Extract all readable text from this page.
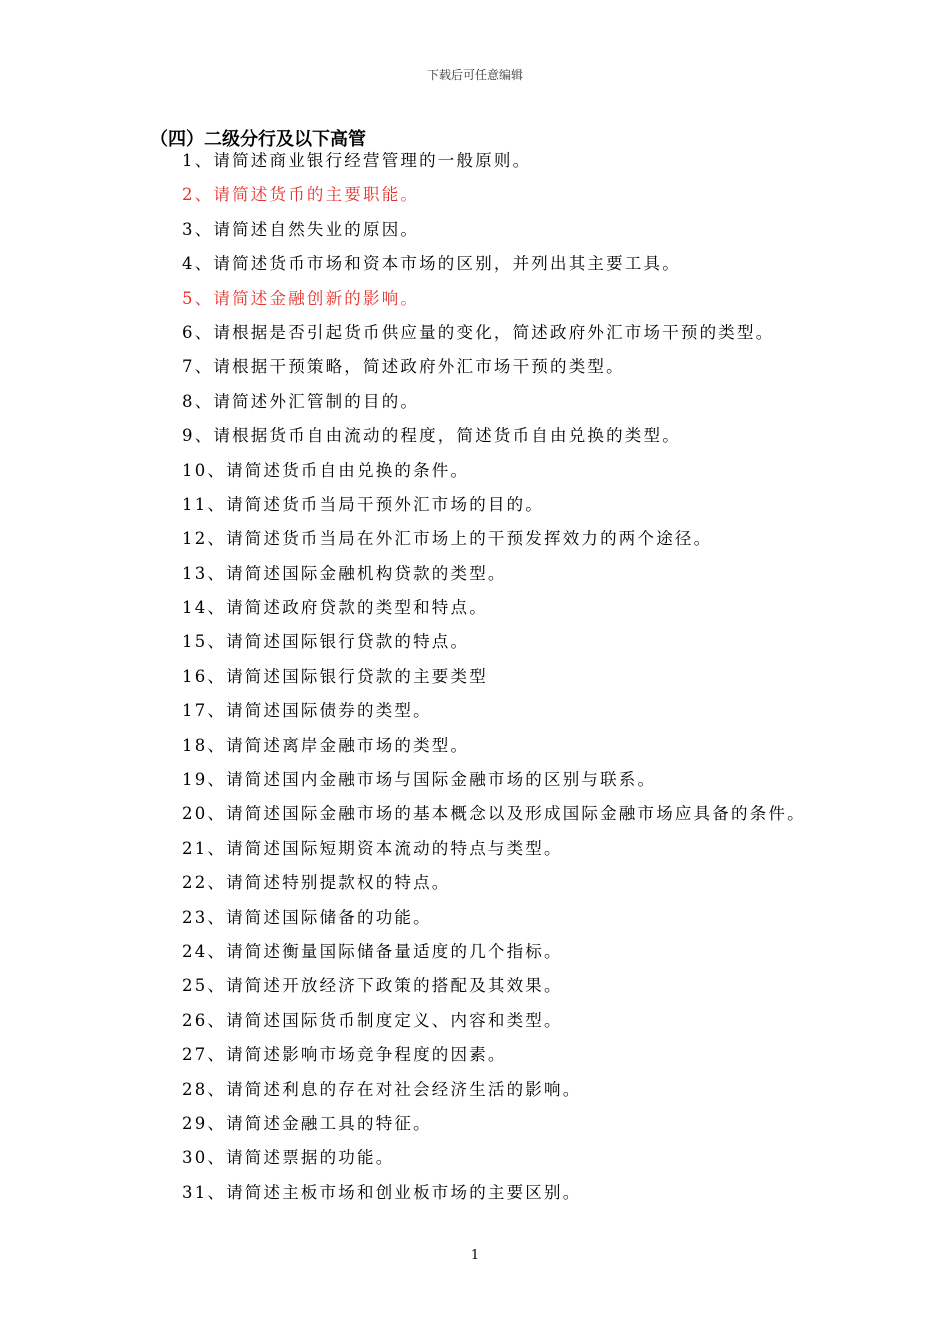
下载后可任意编辑
（四）二级分行及以下高管
1、请简述商业银行经营管理的一般原则。
2、请简述货币的主要职能。
3、请简述自然失业的原因。
4、请简述货币市场和资本市场的区别，并列出其主要工具。
5、请简述金融创新的影响。
6、请根据是否引起货币供应量的变化，简述政府外汇市场干预的类型。
7、请根据干预策略，简述政府外汇市场干预的类型。
8、请简述外汇管制的目的。
9、请根据货币自由流动的程度，简述货币自由兑换的类型。
10、请简述货币自由兑换的条件。
11、请简述货币当局干预外汇市场的目的。
12、请简述货币当局在外汇市场上的干预发挥效力的两个途径。
13、请简述国际金融机构贷款的类型。
14、请简述政府贷款的类型和特点。
15、请简述国际银行贷款的特点。
16、请简述国际银行贷款的主要类型
17、请简述国际债券的类型。
18、请简述离岸金融市场的类型。
19、请简述国内金融市场与国际金融市场的区别与联系。
20、请简述国际金融市场的基本概念以及形成国际金融市场应具备的条件。
21、请简述国际短期资本流动的特点与类型。
22、请简述特别提款权的特点。
23、请简述国际储备的功能。
24、请简述衡量国际储备量适度的几个指标。
25、请简述开放经济下政策的搭配及其效果。
26、请简述国际货币制度定义、内容和类型。
27、请简述影响市场竞争程度的因素。
28、请简述利息的存在对社会经济生活的影响。
29、请简述金融工具的特征。
30、请简述票据的功能。
31、请简述主板市场和创业板市场的主要区别。
1
